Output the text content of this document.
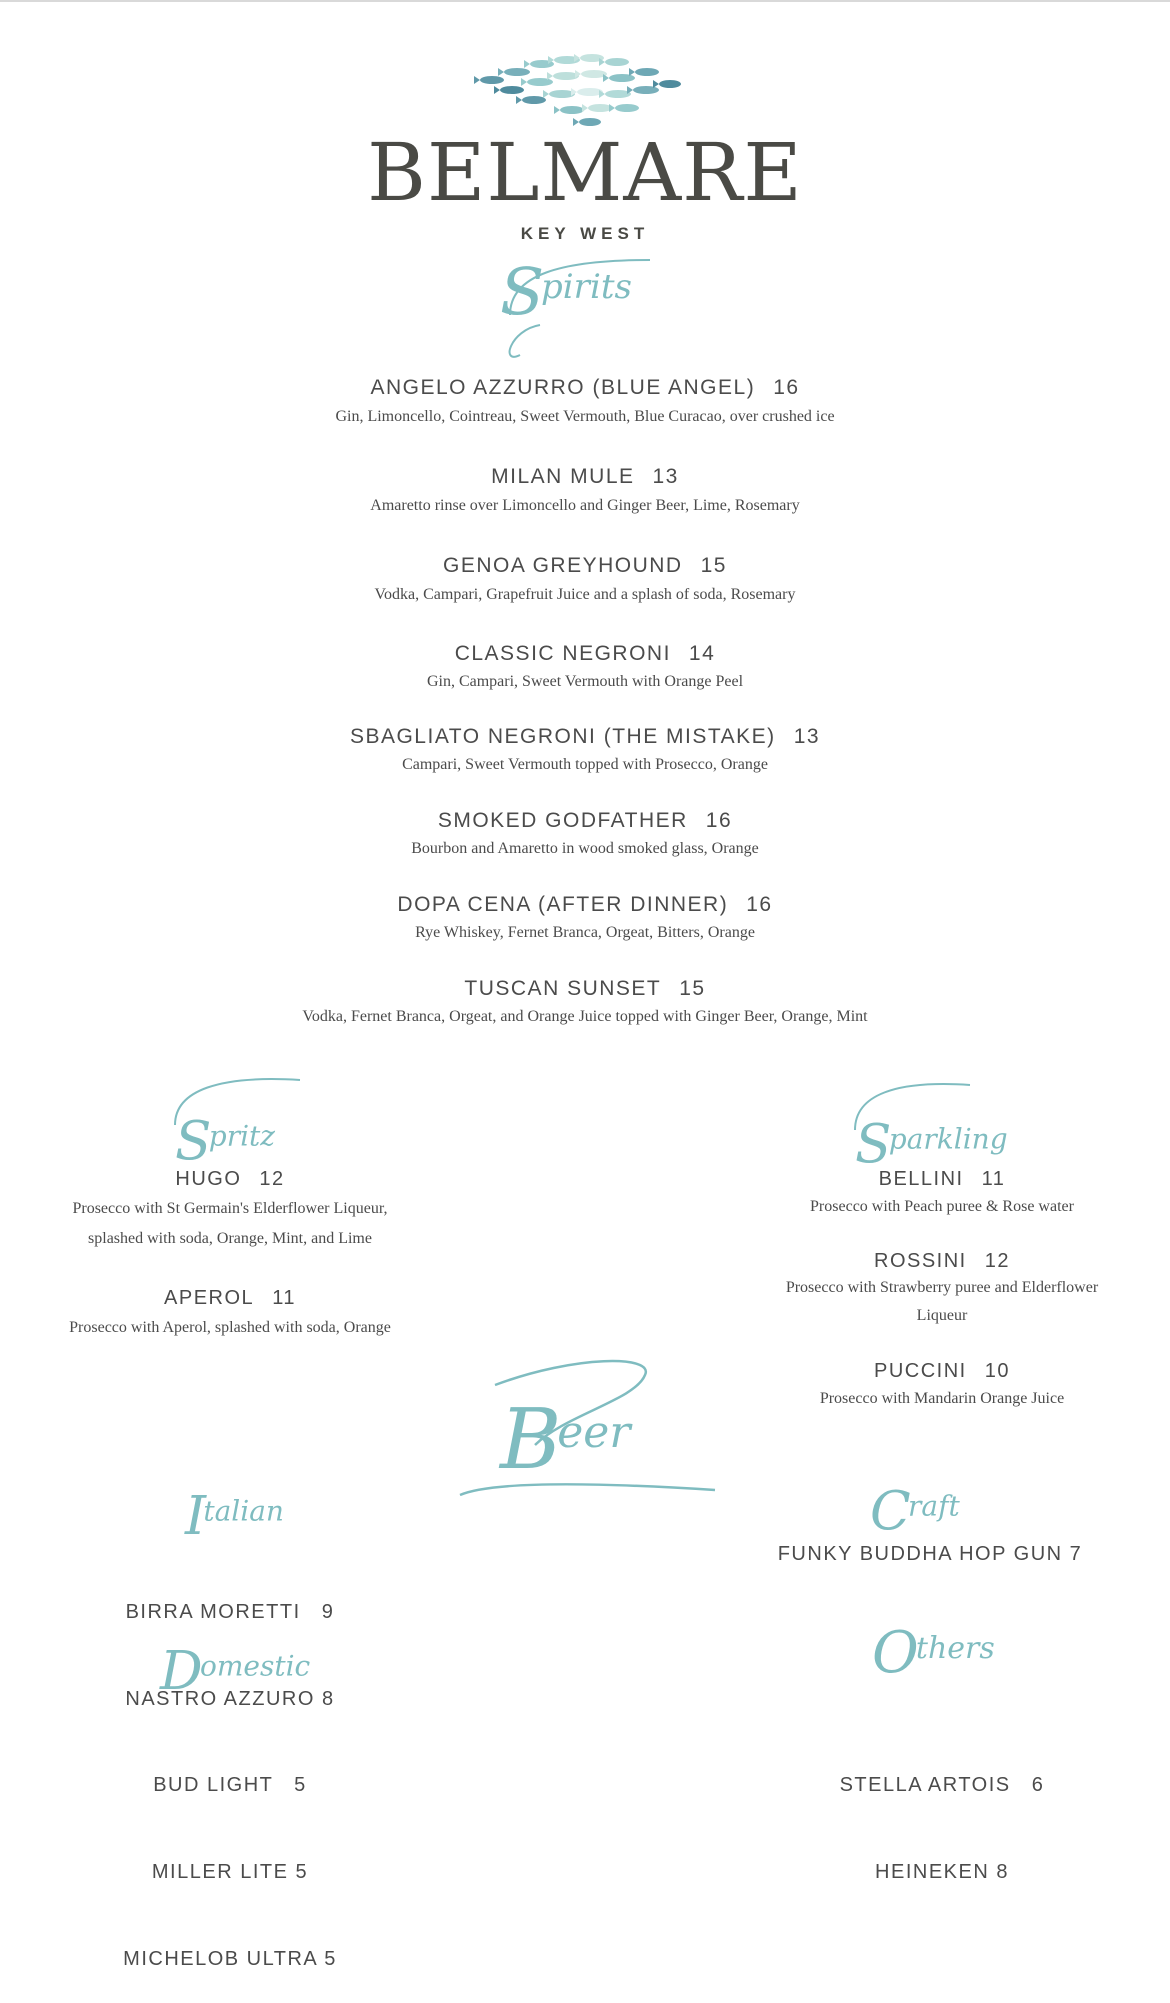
BELMARE
KEY WEST
Spirits
ANGELO AZZURRO (BLUE ANGEL) 16
Gin, Limoncello, Cointreau, Sweet Vermouth, Blue Curacao, over crushed ice
MILAN MULE 13
Amaretto rinse over Limoncello and Ginger Beer, Lime, Rosemary
GENOA GREYHOUND 15
Vodka, Campari, Grapefruit Juice and a splash of soda, Rosemary
CLASSIC NEGRONI 14
Gin, Campari, Sweet Vermouth with Orange Peel
SBAGLIATO NEGRONI (THE MISTAKE) 13
Campari, Sweet Vermouth topped with Prosecco, Orange
SMOKED GODFATHER 16
Bourbon and Amaretto in wood smoked glass, Orange
DOPA CENA (AFTER DINNER) 16
Rye Whiskey, Fernet Branca, Orgeat, Bitters, Orange
TUSCAN SUNSET 15
Vodka, Fernet Branca, Orgeat, and Orange Juice topped with Ginger Beer, Orange, Mint
Spritz
HUGO 12
Prosecco with St Germain's Elderflower Liqueur,
splashed with soda, Orange, Mint, and Lime
APEROL 11
Prosecco with Aperol, splashed with soda, Orange
Sparkling
BELLINI 11
Prosecco with Peach puree & Rose water
ROSSINI 12
Prosecco with Strawberry puree and Elderflower
Liqueur
PUCCINI 10
Prosecco with Mandarin Orange Juice
Beer
Italian

BIRRA MORETTI   9

NASTRO AZZURO 8

Craft
FUNKY BUDDHA HOP GUN 7
Domestic

BUD LIGHT   5

MILLER LITE 5

MICHELOB ULTRA 5

Others

STELLA ARTOIS   6

HEINEKEN 8
